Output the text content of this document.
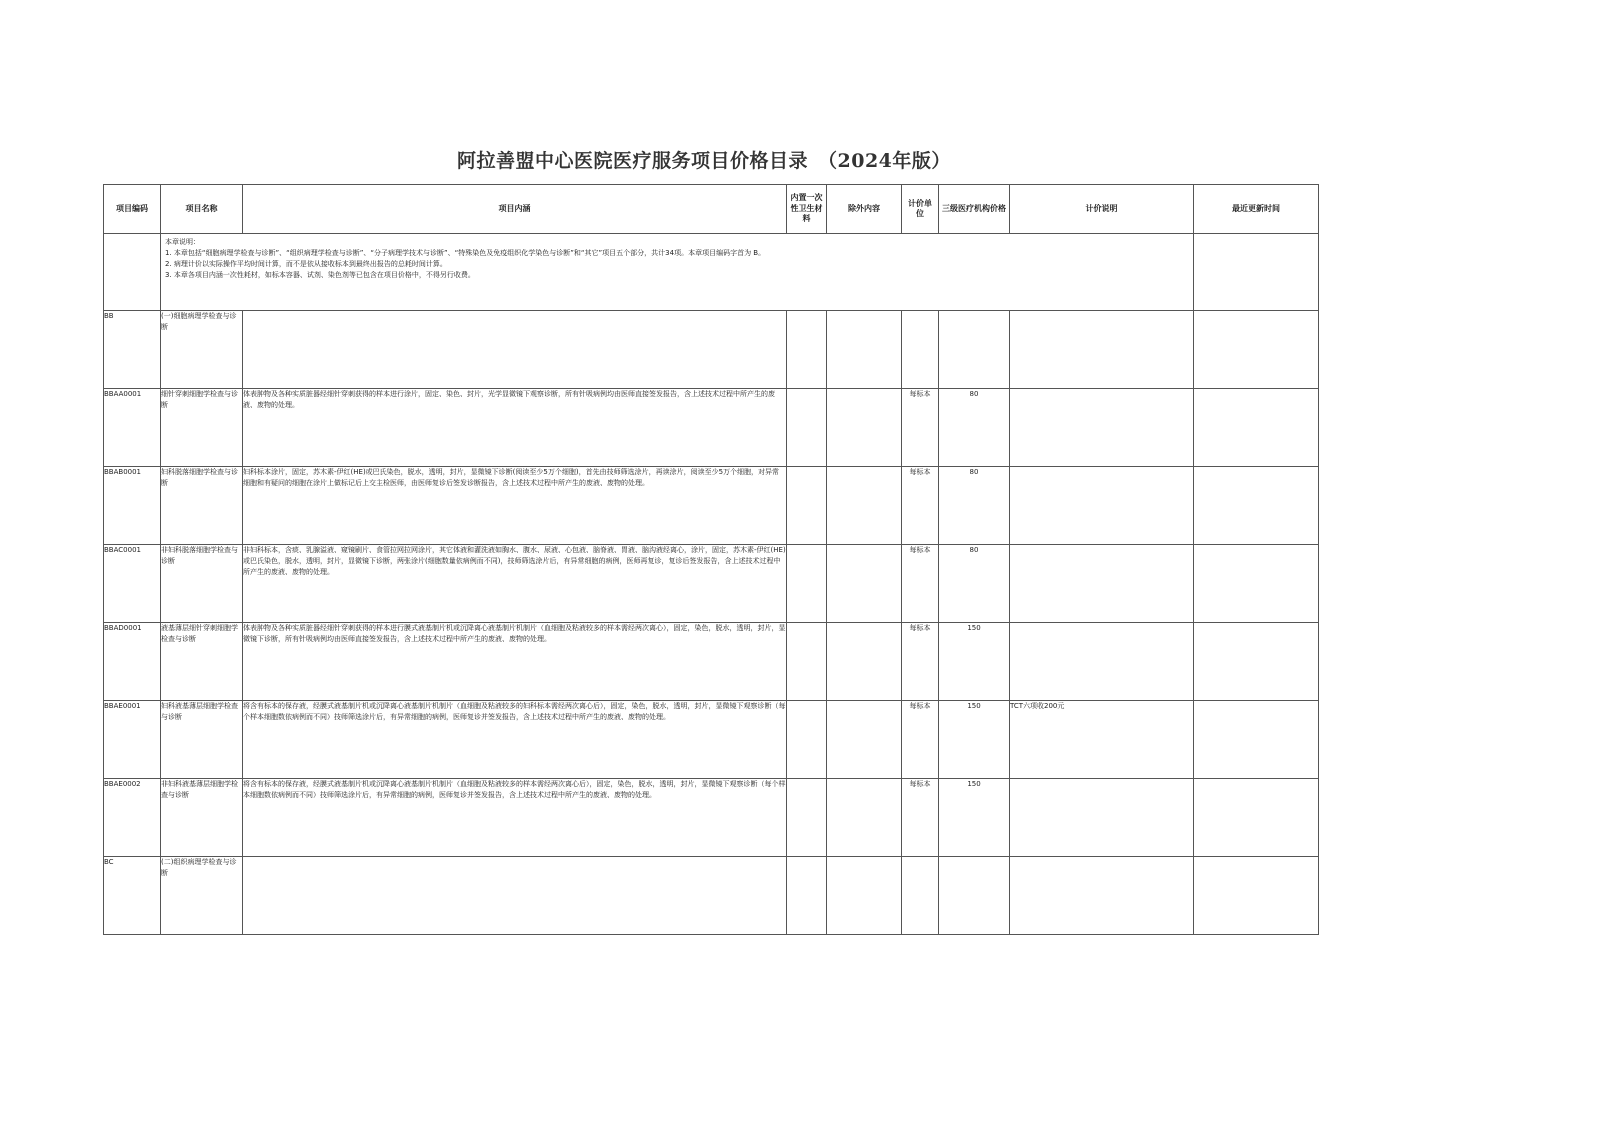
阿拉善盟中心医院医疗服务项目价格目录　（2024年版）
项目编码	项目名称	项目内涵	内置一次性卫生材料	除外内容	计价单位	三级医疗机构价格	计价说明	最近更新时间

	本章说明：
1. 本章包括“细胞病理学检查与诊断”、“组织病理学检查与诊断”、“分子病理学技术与诊断”、“特殊染色及免疫组织化学染色与诊断”和“其它”项目五个部分，共计34项。本章项目编码字首为 B。
2. 病理计价以实际操作平均时间计算，而不是依从接收标本到最终出报告的总耗时间计算。
3. 本章各项目内涵一次性耗材，如标本容器、试剂、染色剂等已包含在项目价格中，不得另行收费。							

BB	(一)细胞病理学检查与诊断							
BBAA0001	细针穿刺细胞学检查与诊断	体表肿物及各种实质脏器经细针穿刺获得的样本进行涂片，固定、染色、封片，光学显微镜下观察诊断，所有针吸病例均由医师直接签发报告，含上述技术过程中所产生的废液、废物的处理。			每标本	80		
BBAB0001	妇科脱落细胞学检查与诊断	妇科标本涂片，固定，苏木素-伊红(HE)或巴氏染色，脱水，透明，封片，显微镜下诊断(阅读至少5万个细胞)，首先由技师筛选涂片，再读涂片，阅读至少5万个细胞，对异常细胞和有疑问的细胞在涂片上做标记后上交主检医师，由医师复诊后签发诊断报告，含上述技术过程中所产生的废液、废物的处理。			每标本	80		
BBAC0001	非妇科脱落细胞学检查与诊断	非妇科标本，含痰、乳腺溢液、窥镜刷片、食管拉网拉网涂片，其它体液和灌洗液如胸水、腹水、尿液、心包液、脑脊液、胃液、脑沟液经离心，涂片，固定，苏木素-伊红(HE)或巴氏染色，脱水，透明，封片，显微镜下诊断，两张涂片(细胞数量依病例而不同)，技师筛选涂片后，有异常细胞的病例，医师再复诊，复诊后签发报告，含上述技术过程中所产生的废液、废物的处理。			每标本	80		
BBAD0001	液基薄层细针穿刺细胞学检查与诊断	体表肿物及各种实质脏器经细针穿刺获得的样本进行膜式液基制片机或沉降离心液基制片机制片（血细胞及粘液较多的样本需经两次离心），固定，染色，脱水，透明，封片，显微镜下诊断，所有针吸病例均由医师直接签发报告，含上述技术过程中所产生的废液、废物的处理。			每标本	150		
BBAE0001	妇科液基薄层细胞学检查与诊断	将含有标本的保存液，经膜式液基制片机或沉降离心液基制片机制片（血细胞及粘液较多的妇科标本需经两次离心后），固定，染色，脱水，透明，封片，显微镜下观察诊断（每个样本细胞数依病例而不同）技师筛选涂片后，有异常细胞的病例，医师复诊并签发报告，含上述技术过程中所产生的废液、废物的处理。			每标本	150	TCT六项收200元	
BBAE0002	非妇科液基薄层细胞学检查与诊断	将含有标本的保存液，经膜式液基制片机或沉降离心液基制片机制片（血细胞及粘液较多的样本需经两次离心后），固定，染色，脱水，透明，封片，显微镜下观察诊断（每个样本细胞数依病例而不同）技师筛选涂片后，有异常细胞的病例，医师复诊并签发报告，含上述技术过程中所产生的废液、废物的处理。			每标本	150		
BC	(二)组织病理学检查与诊断							
